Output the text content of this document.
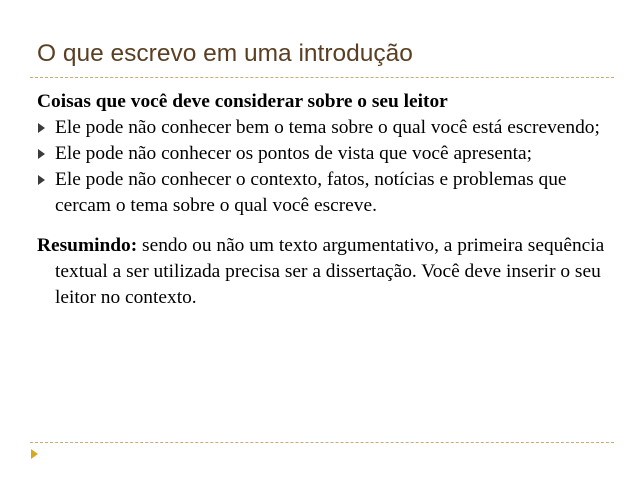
O que escrevo em uma introdução
Coisas que você deve considerar sobre o seu leitor
Ele pode não conhecer bem o tema sobre o qual você está escrevendo;
Ele pode não conhecer os pontos de vista que você apresenta;
Ele pode não conhecer o contexto, fatos, notícias e problemas que cercam o tema sobre o qual você escreve.
Resumindo: sendo ou não um texto argumentativo, a primeira sequência textual a ser utilizada precisa ser a dissertação. Você deve inserir o seu leitor no contexto.
